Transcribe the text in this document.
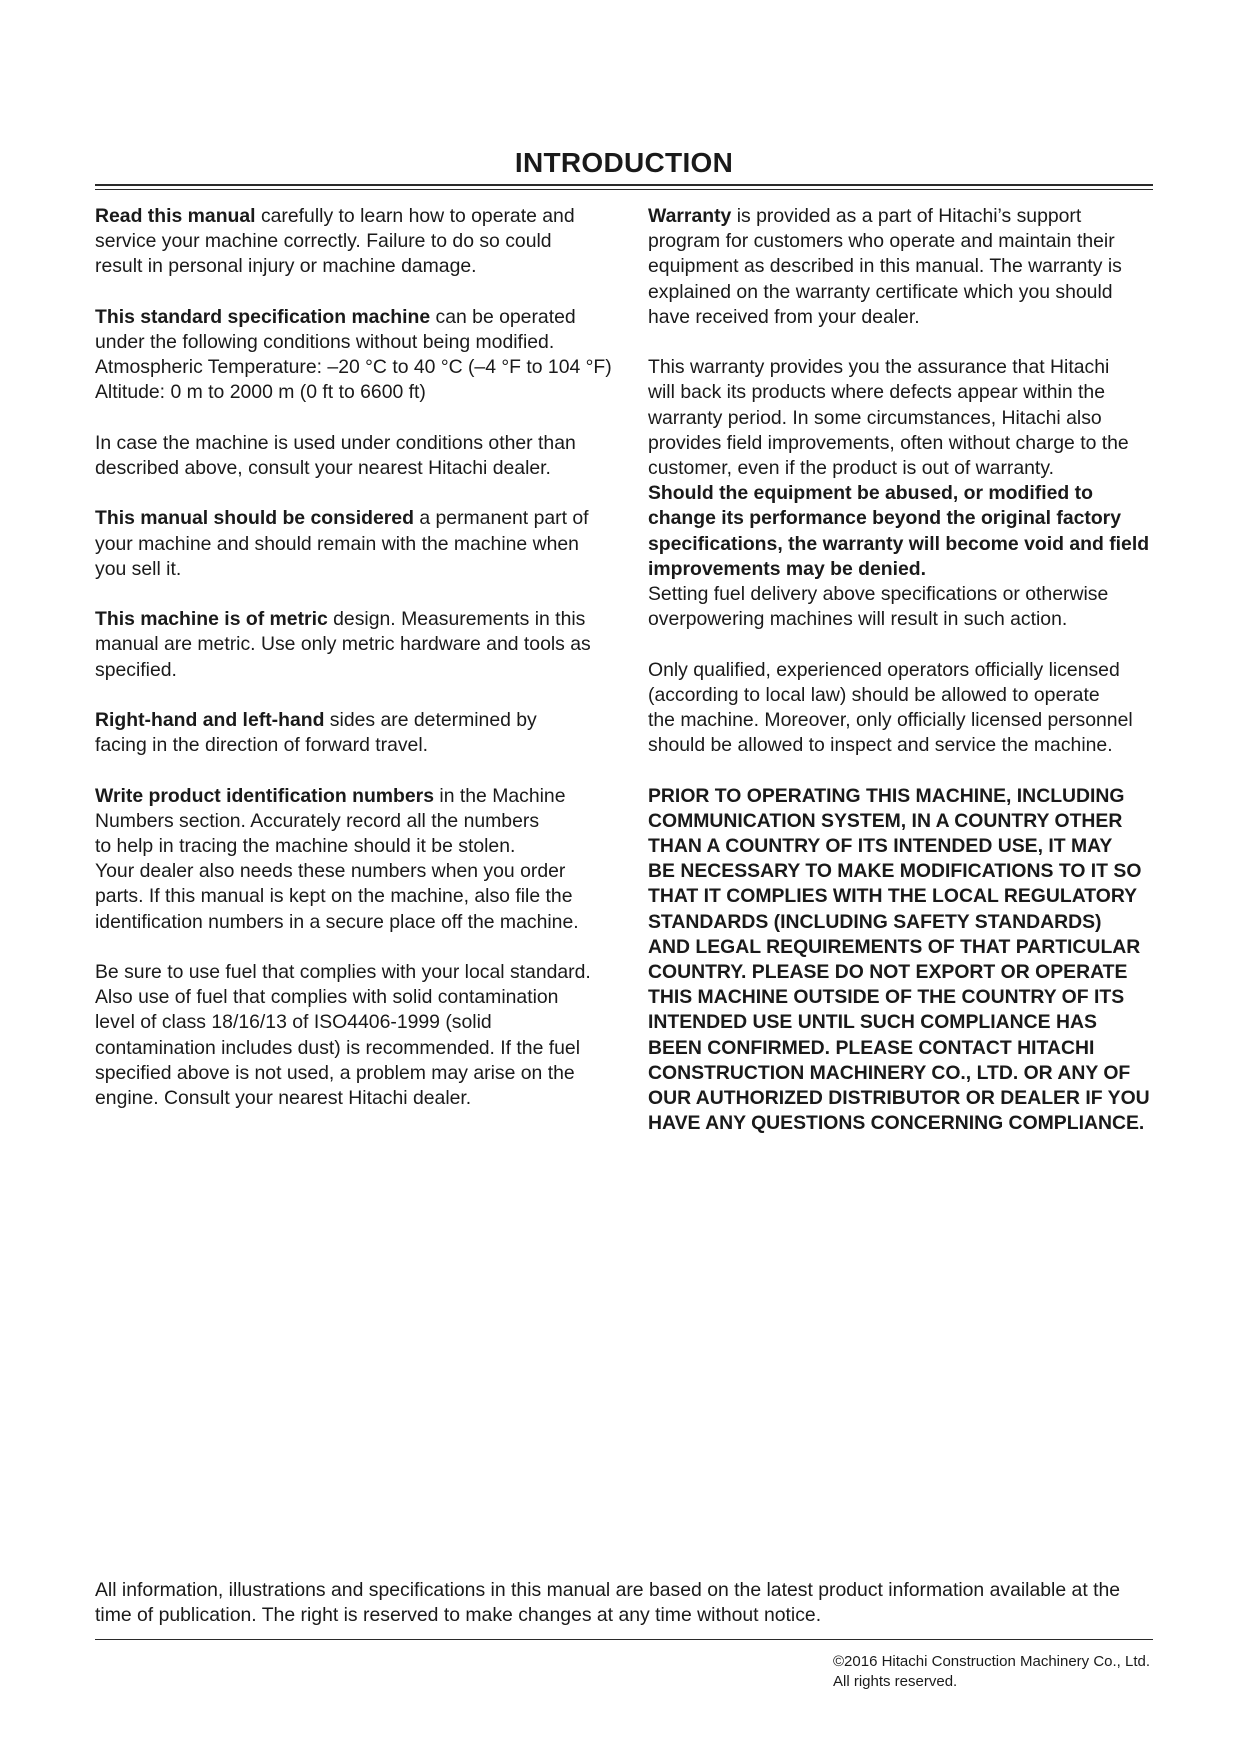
INTRODUCTION

Read this manual carefully to learn how to operate and
service your machine correctly. Failure to do so could
result in personal injury or machine damage.

This standard specification machine can be operated
under the following conditions without being modified.
Atmospheric Temperature: –20 °C to 40 °C (–4 °F to 104 °F)
Altitude: 0 m to 2000 m (0 ft to 6600 ft)

In case the machine is used under conditions other than
described above, consult your nearest Hitachi dealer.

This manual should be considered a permanent part of
your machine and should remain with the machine when
you sell it.

This machine is of metric design. Measurements in this
manual are metric. Use only metric hardware and tools as
specified.

Right-hand and left-hand sides are determined by
facing in the direction of forward travel.

Write product identification numbers in the Machine
Numbers section. Accurately record all the numbers
to help in tracing the machine should it be stolen.
Your dealer also needs these numbers when you order
parts. If this manual is kept on the machine, also file the
identification numbers in a secure place off the machine.

Be sure to use fuel that complies with your local standard.
Also use of fuel that complies with solid contamination
level of class 18/16/13 of ISO4406-1999 (solid
contamination includes dust) is recommended. If the fuel
specified above is not used, a problem may arise on the
engine. Consult your nearest Hitachi dealer.

Warranty is provided as a part of Hitachi’s support
program for customers who operate and maintain their
equipment as described in this manual. The warranty is
explained on the warranty certificate which you should
have received from your dealer.

This warranty provides you the assurance that Hitachi
will back its products where defects appear within the
warranty period. In some circumstances, Hitachi also
provides field improvements, often without charge to the
customer, even if the product is out of warranty.
Should the equipment be abused, or modified to
change its performance beyond the original factory
specifications, the warranty will become void and field
improvements may be denied.
Setting fuel delivery above specifications or otherwise
overpowering machines will result in such action.

Only qualified, experienced operators officially licensed
(according to local law) should be allowed to operate
the machine. Moreover, only officially licensed personnel
should be allowed to inspect and service the machine.

PRIOR TO OPERATING THIS MACHINE, INCLUDING
COMMUNICATION SYSTEM, IN A COUNTRY OTHER
THAN A COUNTRY OF ITS INTENDED USE, IT MAY
BE NECESSARY TO MAKE MODIFICATIONS TO IT SO
THAT IT COMPLIES WITH THE LOCAL REGULATORY
STANDARDS (INCLUDING SAFETY STANDARDS)
AND LEGAL REQUIREMENTS OF THAT PARTICULAR
COUNTRY. PLEASE DO NOT EXPORT OR OPERATE
THIS MACHINE OUTSIDE OF THE COUNTRY OF ITS
INTENDED USE UNTIL SUCH COMPLIANCE HAS
BEEN CONFIRMED. PLEASE CONTACT HITACHI
CONSTRUCTION MACHINERY CO., LTD. OR ANY OF
OUR AUTHORIZED DISTRIBUTOR OR DEALER IF YOU
HAVE ANY QUESTIONS CONCERNING COMPLIANCE.

All information, illustrations and specifications in this manual are based on the latest product information available at the
time of publication. The right is reserved to make changes at any time without notice.
©2016 Hitachi Construction Machinery Co., Ltd.
All rights reserved.
